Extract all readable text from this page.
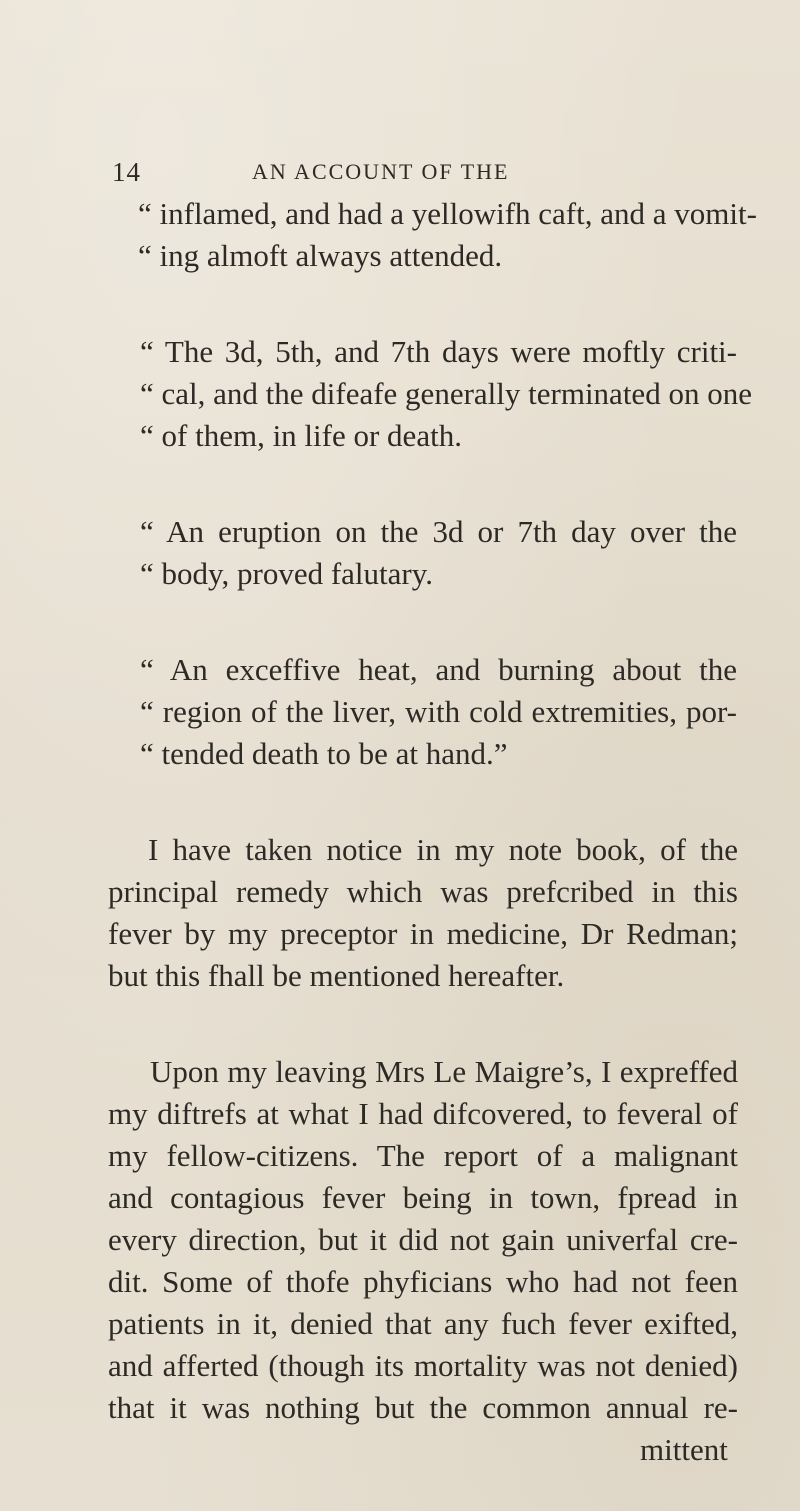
14	AN ACCOUNT OF THE
“ inflamed, and had a yellowifh caft, and a vomit-
“ ing almoft always attended.
“ The 3d, 5th, and 7th days were moftly criti-
“ cal, and the difeafe generally terminated on one
“ of them, in life or death.
“ An eruption on the 3d or 7th day over the
“ body, proved falutary.
“ An exceffive heat, and burning about the
“ region of the liver, with cold extremities, por-
“ tended death to be at hand.”
I have taken notice in my note book, of the
principal remedy which was prefcribed in this
fever by my preceptor in medicine, Dr Redman;
but this fhall be mentioned hereafter.
Upon my leaving Mrs Le Maigre’s, I expreffed
my diftrefs at what I had difcovered, to feveral of
my fellow-citizens. The report of a malignant
and contagious fever being in town, fpread in
every direction, but it did not gain univerfal cre-
dit. Some of thofe phyficians who had not feen
patients in it, denied that any fuch fever exifted,
and afferted (though its mortality was not denied)
that it was nothing but the common annual re-
mittent
